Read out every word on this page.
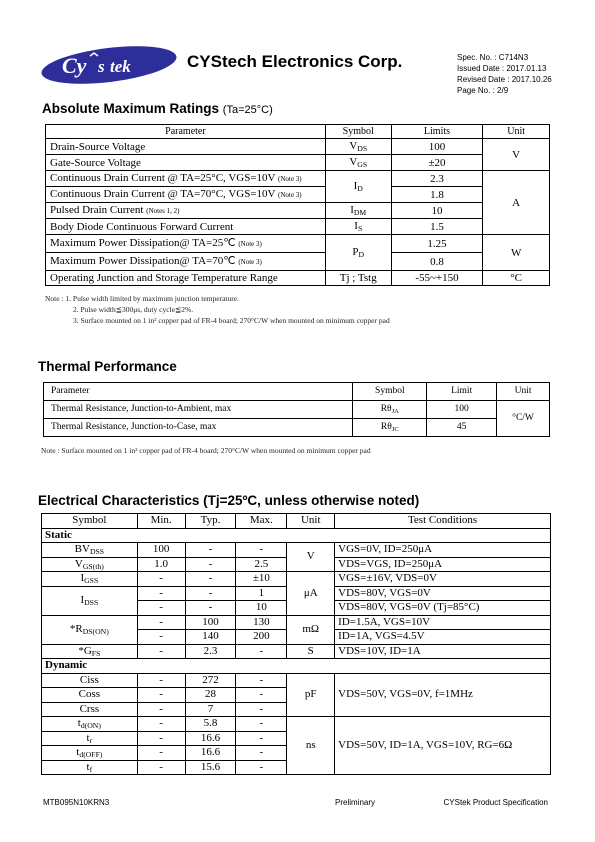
Cy s tek	CYStech Electronics Corp.	Spec. No. : C714N3
Issued Date : 2017.01.13
Revised Date : 2017.10.26
Page No. : 2/9
Absolute Maximum Ratings (Ta=25°C)
Parameter	Symbol	Limits	Unit
Drain-Source Voltage	VDS	100	V
Gate-Source Voltage	VGS	±20	
Continuous Drain Current @ TA=25°C, VGS=10V (Note 3)	ID	2.3	A
Continuous Drain Current @ TA=70°C, VGS=10V (Note 3)		1.8	
Pulsed Drain Current (Notes 1, 2)	IDM	10	
Body Diode Continuous Forward Current	IS	1.5	
Maximum Power Dissipation@ TA=25℃ (Note 3)	PD	1.25	W
Maximum Power Dissipation@ TA=70℃ (Note 3)		0.8	
Operating Junction and Storage Temperature Range	Tj ; Tstg	-55~+150	°C
Note : 1. Pulse width limited by maximum junction temperature.
2. Pulse width≦300μs, duty cycle≦2%.
3. Surface mounted on 1 in² copper pad of FR-4 board; 270°C/W when mounted on minimum copper pad
Thermal Performance
Parameter	Symbol	Limit	Unit
Thermal Resistance, Junction-to-Ambient, max	$R\theta_{JA}$	100	°C/W
Thermal Resistance, Junction-to-Case, max	$R\theta_{JC}$	45	
Note : Surface mounted on 1 in² copper pad of FR-4 board; 270°C/W when mounted on minimum copper pad
Electrical Characteristics (Tj=25ºC, unless otherwise noted)
Symbol	Min.	Typ.	Max.	Unit	Test Conditions
Static					
BVDSS	100	-	-	V	VGS=0V, ID=250μA
VGS(th)	1.0	-	2.5		VDS=VGS, ID=250μA
IGSS	-	-	±10	μA	VGS=±16V, VDS=0V
IDSS	-	-	1		VDS=80V, VGS=0V
	-	-	10		VDS=80V, VGS=0V (Tj=85°C)
*RDS(ON)	-	100	130	mΩ	ID=1.5A, VGS=10V
	-	140	200		ID=1A, VGS=4.5V
*GFS	-	2.3	-	S	VDS=10V, ID=1A
Dynamic					
Ciss	-	272	-	pF	VDS=50V, VGS=0V, f=1MHz
Coss	-	28	-		
Crss	-	7	-		
td(ON)	-	5.8	-	ns	VDS=50V, ID=1A, VGS=10V, RG=6Ω
tr	-	16.6	-		
td(OFF)	-	16.6	-		
tf	-	15.6	-		
MTB095N10KRN3	Preliminary	CYStek Product Specification
